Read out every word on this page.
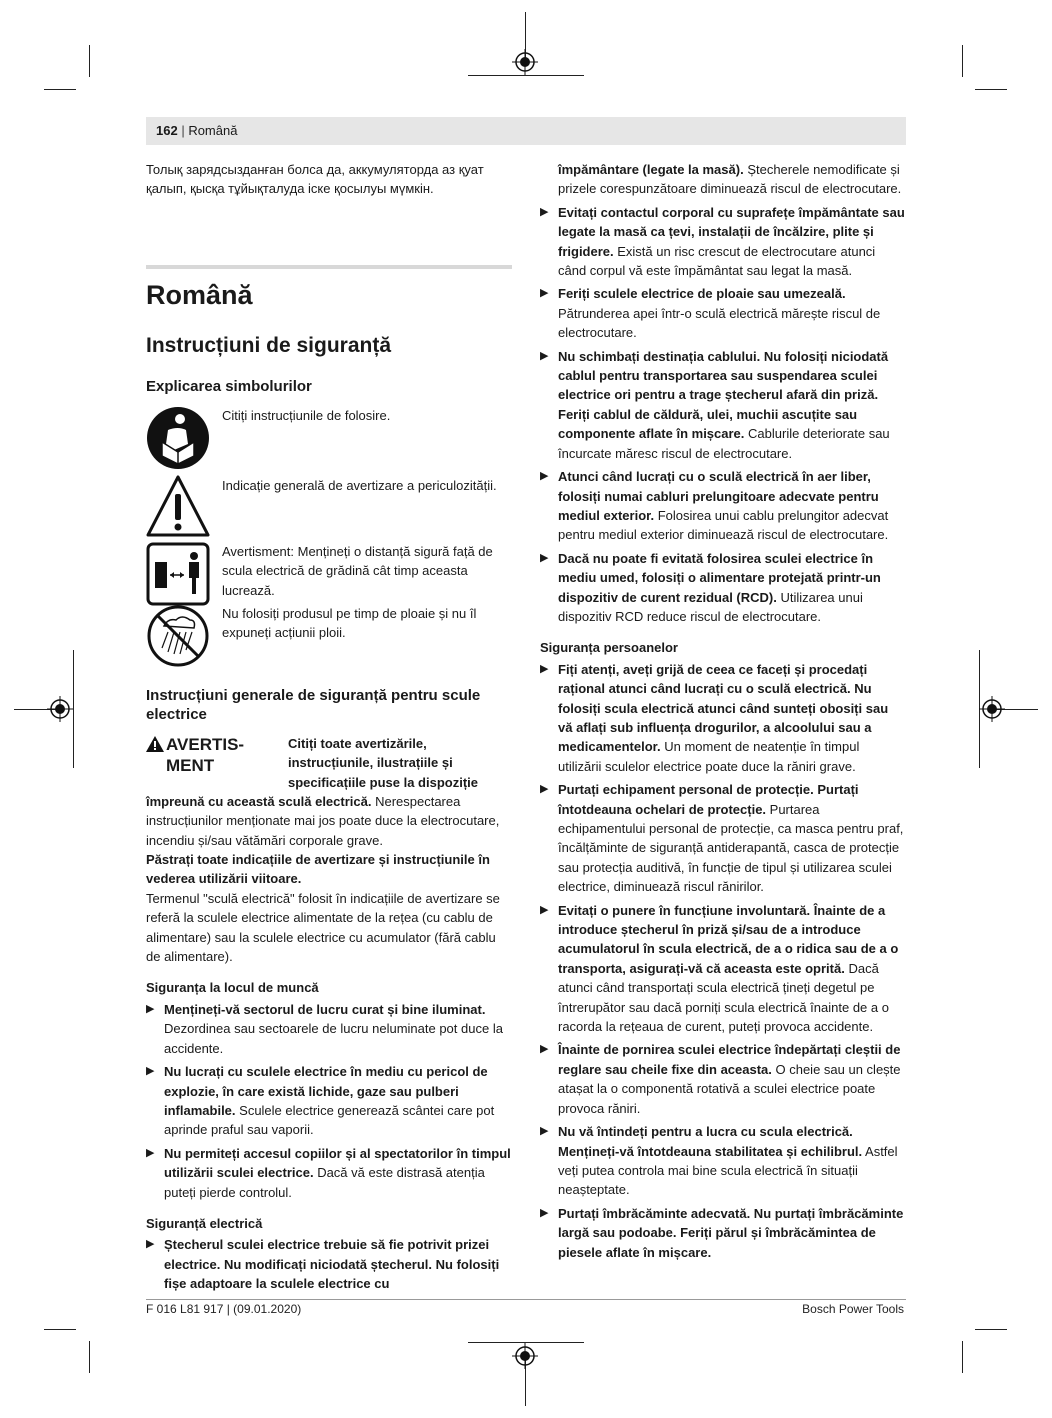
162 | Română

Толық зарядсызданған болса да, аккумуляторда аз қуат қалып, қысқа тұйықталуда іске қосылуы мүмкін.

Română
Instrucțiuni de siguranță
Explicarea simbolurilor
Citiți instrucțiunile de folosire.
Indicație generală de avertizare a periculozității.
Avertisment: Mențineți o distanță sigură față de scula electrică de grădină cât timp aceasta lucrează.
Nu folosiți produsul pe timp de ploaie și nu îl expuneți acțiunii ploii.
Instrucțiuni generale de siguranță pentru scule electrice
AVERTIS-MENT
Citiți toate avertizările, instrucțiunile, ilustrațiile și specificațiile puse la dispoziție

împreună cu această sculă electrică. Nerespectarea instrucțiunilor menționate mai jos poate duce la electrocutare, incendiu și/sau vătămări corporale grave.

Păstrați toate indicațiile de avertizare și instrucțiunile în vederea utilizării viitoare.

Termenul "sculă electrică" folosit în indicațiile de avertizare se referă la sculele electrice alimentate de la rețea (cu cablu de alimentare) sau la sculele electrice cu acumulator (fără cablu de alimentare).

Siguranța la locul de muncă
▶ Mențineți-vă sectorul de lucru curat și bine iluminat. Dezordinea sau sectoarele de lucru neluminate pot duce la accidente.
▶ Nu lucrați cu sculele electrice în mediu cu pericol de explozie, în care există lichide, gaze sau pulberi inflamabile. Sculele electrice generează scântei care pot aprinde praful sau vaporii.
▶ Nu permiteți accesul copiilor și al spectatorilor în timpul utilizării sculei electrice. Dacă vă este distrasă atenția puteți pierde controlul.
Siguranță electrică
▶ Ștecherul sculei electrice trebuie să fie potrivit prizei electrice. Nu modificați niciodată ștecherul. Nu folosiți fișe adaptoare la sculele electrice cu

împământare (legate la masă). Ștecherele nemodificate și prizele corespunzătoare diminuează riscul de electrocutare.

▶ Evitați contactul corporal cu suprafețe împământate sau legate la masă ca țevi, instalații de încălzire, plite și frigidere. Există un risc crescut de electrocutare atunci când corpul vă este împământat sau legat la masă.
▶ Feriți sculele electrice de ploaie sau umezeală. Pătrunderea apei într-o sculă electrică mărește riscul de electrocutare.
▶ Nu schimbați destinația cablului. Nu folosiți niciodată cablul pentru transportarea sau suspendarea sculei electrice ori pentru a trage ștecherul afară din priză. Feriți cablul de căldură, ulei, muchii ascuțite sau componente aflate în mișcare. Cablurile deteriorate sau încurcate măresc riscul de electrocutare.
▶ Atunci când lucrați cu o sculă electrică în aer liber, folosiți numai cabluri prelungitoare adecvate pentru mediul exterior. Folosirea unui cablu prelungitor adecvat pentru mediul exterior diminuează riscul de electrocutare.
▶ Dacă nu poate fi evitată folosirea sculei electrice în mediu umed, folosiți o alimentare protejată printr-un dispozitiv de curent rezidual (RCD). Utilizarea unui dispozitiv RCD reduce riscul de electrocutare.
Siguranța persoanelor
▶ Fiți atenți, aveți grijă de ceea ce faceți și procedați rațional atunci când lucrați cu o sculă electrică. Nu folosiți scula electrică atunci când sunteți obosiți sau vă aflați sub influența drogurilor, a alcoolului sau a medicamentelor. Un moment de neatenție în timpul utilizării sculelor electrice poate duce la răniri grave.
▶ Purtați echipament personal de protecție. Purtați întotdeauna ochelari de protecție. Purtarea echipamentului personal de protecție, ca masca pentru praf, încălțăminte de siguranță antiderapantă, casca de protecție sau protecția auditivă, în funcție de tipul și utilizarea sculei electrice, diminuează riscul rănirilor.
▶ Evitați o punere în funcțiune involuntară. Înainte de a introduce ștecherul în priză și/sau de a introduce acumulatorul în scula electrică, de a o ridica sau de a o transporta, asigurați-vă că aceasta este oprită. Dacă atunci când transportați scula electrică țineți degetul pe întrerupător sau dacă porniți scula electrică înainte de a o racorda la rețeaua de curent, puteți provoca accidente.
▶ Înainte de pornirea sculei electrice îndepărtați cleștii de reglare sau cheile fixe din aceasta. O cheie sau un clește atașat la o componentă rotativă a sculei electrice poate provoca răniri.
▶ Nu vă întindeți pentru a lucra cu scula electrică. Mențineți-vă întotdeauna stabilitatea și echilibrul. Astfel veți putea controla mai bine scula electrică în situații neașteptate.
▶ Purtați îmbrăcăminte adecvată. Nu purtați îmbrăcăminte largă sau podoabe. Feriți părul și îmbrăcămintea de piesele aflate în mișcare.
F 016 L81 917 | (09.01.2020)	Bosch Power Tools
